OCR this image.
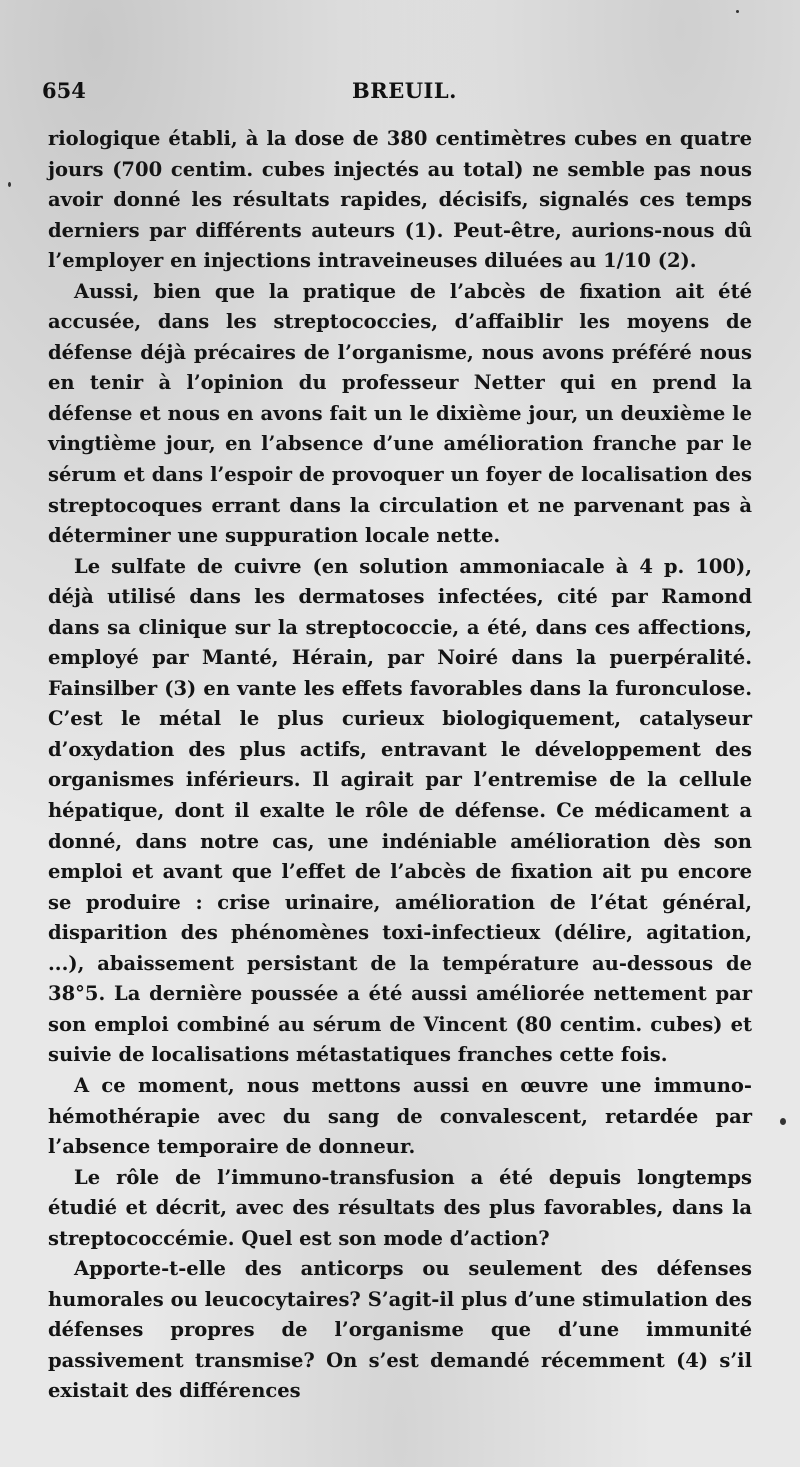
654	BREUIL.

riologique établi, à la dose de 380 centimètres cubes en quatre jours (700 centim. cubes injectés au total) ne semble pas nous avoir donné les résultats rapides, décisifs, signalés ces temps derniers par différents auteurs (1). Peut-être, aurions-nous dû l’employer en injections intraveineuses diluées au 1/10 (2).

Aussi, bien que la pratique de l’abcès de fixation ait été accusée, dans les streptococcies, d’affaiblir les moyens de défense déjà précaires de l’organisme, nous avons préféré nous en tenir à l’opinion du professeur Netter qui en prend la défense et nous en avons fait un le dixième jour, un deuxième le vingtième jour, en l’absence d’une amélioration franche par le sérum et dans l’espoir de provoquer un foyer de localisation des streptocoques errant dans la circulation et ne parvenant pas à déterminer une suppuration locale nette.

Le sulfate de cuivre (en solution ammoniacale à 4 p. 100), déjà utilisé dans les dermatoses infectées, cité par Ramond dans sa clinique sur la streptococcie, a été, dans ces affections, employé par Manté, Hérain, par Noiré dans la puerpéralité. Fainsilber (3) en vante les effets favorables dans la furonculose. C’est le métal le plus curieux biologiquement, catalyseur d’oxydation des plus actifs, entravant le développement des organismes inférieurs. Il agirait par l’entremise de la cellule hépatique, dont il exalte le rôle de défense. Ce médicament a donné, dans notre cas, une indéniable amélioration dès son emploi et avant que l’effet de l’abcès de fixation ait pu encore se produire : crise urinaire, amélioration de l’état général, disparition des phénomènes toxi-infectieux (délire, agitation, ...), abaissement persistant de la température au-dessous de 38°5. La dernière poussée a été aussi améliorée nettement par son emploi combiné au sérum de Vincent (80 centim. cubes) et suivie de localisations métastatiques franches cette fois.

A ce moment, nous mettons aussi en œuvre une immuno-hémothérapie avec du sang de convalescent, retardée par l’absence temporaire de donneur.

Le rôle de l’immuno-transfusion a été depuis longtemps étudié et décrit, avec des résultats des plus favorables, dans la streptococcémie. Quel est son mode d’action?

Apporte-t-elle des anticorps ou seulement des défenses humorales ou leucocytaires? S’agit-il plus d’une stimulation des défenses propres de l’organisme que d’une immunité passivement transmise? On s’est demandé récemment (4) s’il existait des différences
